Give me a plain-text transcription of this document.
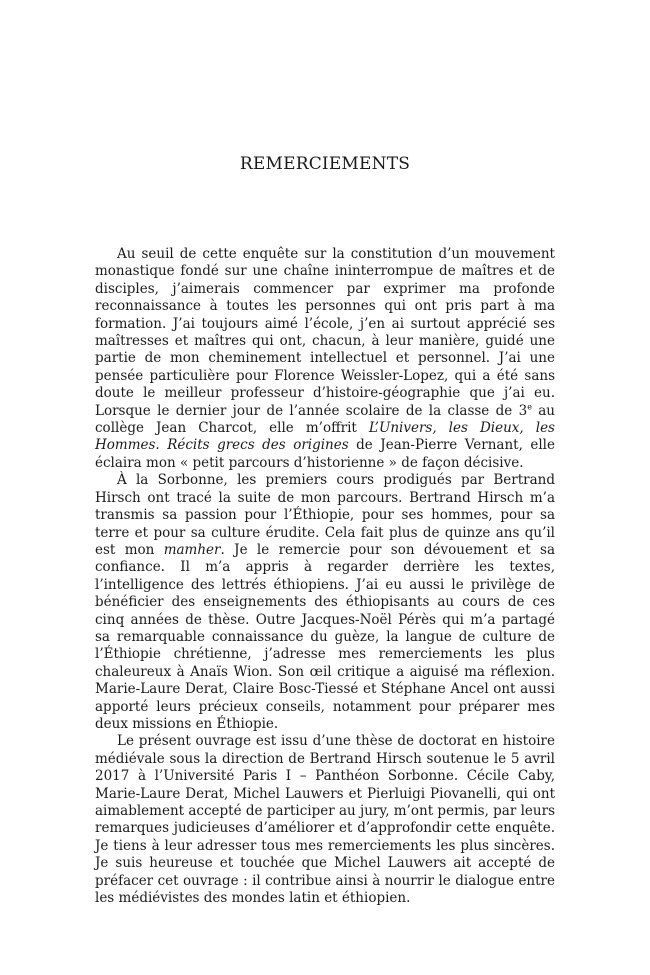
REMERCIEMENTS

Au seuil de cette enquête sur la constitution d’un mouvement monastique fondé sur une chaîne ininterrompue de maîtres et de disciples, j’aimerais commencer par exprimer ma profonde reconnaissance à toutes les personnes qui ont pris part à ma formation. J’ai toujours aimé l’école, j’en ai surtout apprécié ses maîtresses et maîtres qui ont, chacun, à leur manière, guidé une partie de mon cheminement intellectuel et personnel. J’ai une pensée particulière pour Florence Weissler-Lopez, qui a été sans doute le meilleur professeur d’histoire-géographie que j’ai eu. Lorsque le dernier jour de l’année scolaire de la classe de 3e au collège Jean Charcot, elle m’offrit L’Univers, les Dieux, les Hommes. Récits grecs des origines de Jean-Pierre Vernant, elle éclaira mon « petit parcours d’historienne » de façon décisive.

À la Sorbonne, les premiers cours prodigués par Bertrand Hirsch ont tracé la suite de mon parcours. Bertrand Hirsch m’a transmis sa passion pour l’Éthiopie, pour ses hommes, pour sa terre et pour sa culture érudite. Cela fait plus de quinze ans qu’il est mon mamher. Je le remercie pour son dévouement et sa confiance. Il m’a appris à regarder derrière les textes, l’intelligence des lettrés éthiopiens. J’ai eu aussi le privilège de bénéficier des enseignements des éthiopisants au cours de ces cinq années de thèse. Outre Jacques-Noël Pérès qui m’a partagé sa remarquable connaissance du guèze, la langue de culture de l’Éthiopie chrétienne, j’adresse mes remerciements les plus chaleureux à Anaïs Wion. Son œil critique a aiguisé ma réflexion. Marie-Laure Derat, Claire Bosc-Tiessé et Stéphane Ancel ont aussi apporté leurs précieux conseils, notamment pour préparer mes deux missions en Éthiopie.

Le présent ouvrage est issu d’une thèse de doctorat en histoire médiévale sous la direction de Bertrand Hirsch soutenue le 5 avril 2017 à l’Université Paris I – Panthéon Sorbonne. Cécile Caby, Marie-Laure Derat, Michel Lauwers et Pierluigi Piovanelli, qui ont aimablement accepté de participer au jury, m’ont permis, par leurs remarques judicieuses d’améliorer et d’approfondir cette enquête. Je tiens à leur adresser tous mes remerciements les plus sincères. Je suis heureuse et touchée que Michel Lauwers ait accepté de préfacer cet ouvrage : il contribue ainsi à nourrir le dialogue entre les médiévistes des mondes latin et éthiopien.
